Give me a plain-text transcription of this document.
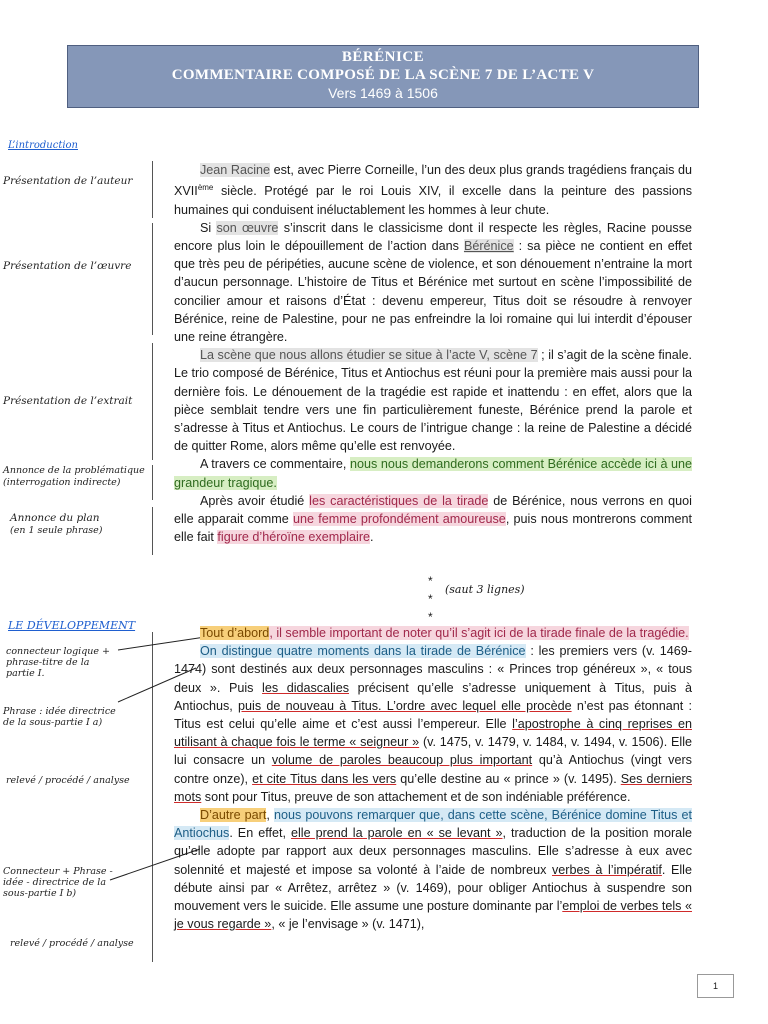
BÉRÉNICE
COMMENTAIRE COMPOSÉ DE LA SCÈNE 7 DE L’ACTE V
Vers 1469 à 1506
L’introduction
Présentation de l’auteur
Présentation de l’œuvre
Présentation de l’extrait
Annonce de la problématique
(interrogation indirecte)
Annonce du plan
(en 1 seule phrase)
LE DÉVELOPPEMENT
connecteur logique + phrase-titre de la partie I.
Phrase : idée directrice de la sous-partie I a)
relevé / procédé / analyse
Connecteur + Phrase - idée - directrice de la sous-partie I b)
relevé / procédé / analyse

Jean Racine est, avec Pierre Corneille, l’un des deux plus grands tragédiens français du XVIIème siècle. Protégé par le roi Louis XIV, il excelle dans la peinture des passions humaines qui conduisent inéluctablement les hommes à leur chute.

Si son œuvre s’inscrit dans le classicisme dont il respecte les règles, Racine pousse encore plus loin le dépouillement de l’action dans Bérénice : sa pièce ne contient en effet que très peu de péripéties, aucune scène de violence, et son dénouement n’entraine la mort d’aucun personnage. L’histoire de Titus et Bérénice met surtout en scène l’impossibilité de concilier amour et raisons d’État : devenu empereur, Titus doit se résoudre à renvoyer Bérénice, reine de Palestine, pour ne pas enfreindre la loi romaine qui lui interdit d’épouser une reine étrangère.

La scène que nous allons étudier se situe à l’acte V, scène 7 ; il s’agit de la scène finale. Le trio composé de Bérénice, Titus et Antiochus est réuni pour la première mais aussi pour la dernière fois. Le dénouement de la tragédie est rapide et inattendu : en effet, alors que la pièce semblait tendre vers une fin particulièrement funeste, Bérénice prend la parole et s’adresse à Titus et Antiochus. Le cours de l’intrigue change : la reine de Palestine a décidé de quitter Rome, alors même qu’elle est renvoyée.

A travers ce commentaire, nous nous demanderons comment Bérénice accède ici à une grandeur tragique.

Après avoir étudié les caractéristiques de la tirade de Bérénice, nous verrons en quoi elle apparait comme une femme profondément amoureuse, puis nous montrerons comment elle fait figure d’héroïne exemplaire.

*
*
*
(saut 3 lignes)

Tout d’abord, il semble important de noter qu’il s’agit ici de la tirade finale de la tragédie.

On distingue quatre moments dans la tirade de Bérénice : les premiers vers (v. 1469-1474) sont destinés aux deux personnages masculins : « Princes trop généreux », « tous deux ». Puis les didascalies précisent qu’elle s’adresse uniquement à Titus, puis à Antiochus, puis de nouveau à Titus. L’ordre avec lequel elle procède n’est pas étonnant : Titus est celui qu’elle aime et c’est aussi l’empereur. Elle l’apostrophe à cinq reprises en utilisant à chaque fois le terme « seigneur » (v. 1475, v. 1479, v. 1484, v. 1494, v. 1506). Elle lui consacre un volume de paroles beaucoup plus important qu’à Antiochus (vingt vers contre onze), et cite Titus dans les vers qu’elle destine au « prince » (v. 1495). Ses derniers mots sont pour Titus, preuve de son attachement et de son indéniable préférence.

D’autre part, nous pouvons remarquer que, dans cette scène, Bérénice domine Titus et Antiochus. En effet, elle prend la parole en « se levant », traduction de la position morale qu’elle adopte par rapport aux deux personnages masculins. Elle s’adresse à eux avec solennité et majesté et impose sa volonté à l’aide de nombreux verbes à l’impératif. Elle débute ainsi par « Arrêtez, arrêtez » (v. 1469), pour obliger Antiochus à suspendre son mouvement vers le suicide. Elle assume une posture dominante par l’emploi de verbes tels « je vous regarde », « je l’envisage » (v. 1471),

1
